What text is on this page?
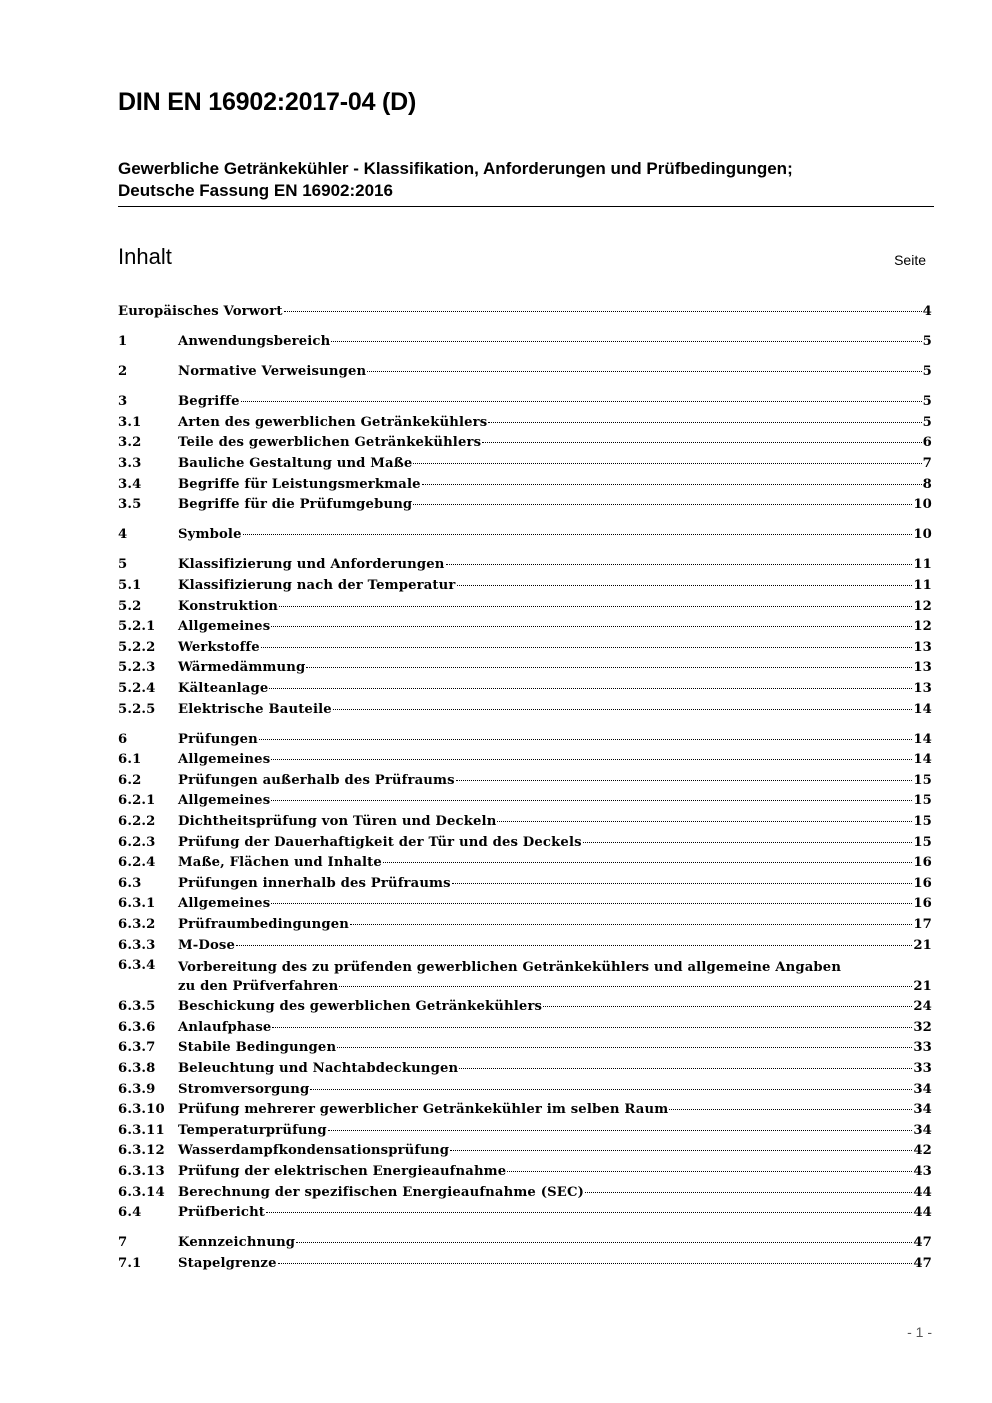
DIN EN 16902:2017-04 (D)
Gewerbliche Getränkekühler - Klassifikation, Anforderungen und Prüfbedingungen;
Deutsche Fassung EN 16902:2016
Inhalt	Seite
Europäisches Vorwort	4
1	Anwendungsbereich	5
2	Normative Verweisungen	5
3	Begriffe	5
3.1	Arten des gewerblichen Getränkekühlers	5
3.2	Teile des gewerblichen Getränkekühlers	6
3.3	Bauliche Gestaltung und Maße	7
3.4	Begriffe für Leistungsmerkmale	8
3.5	Begriffe für die Prüfumgebung	10
4	Symbole	10
5	Klassifizierung und Anforderungen	11
5.1	Klassifizierung nach der Temperatur	11
5.2	Konstruktion	12
5.2.1 Allgemeines	12
5.2.2 Werkstoffe	13
5.2.3 Wärmedämmung	13
5.2.4 Kälteanlage	13
5.2.5 Elektrische Bauteile	14
6	Prüfungen	14
6.1	Allgemeines	14
6.2	Prüfungen außerhalb des Prüfraums	15
6.2.1 Allgemeines	15
6.2.2 Dichtheitsprüfung von Türen und Deckeln	15
6.2.3 Prüfung der Dauerhaftigkeit der Tür und des Deckels	15
6.2.4 Maße, Flächen und Inhalte	16
6.3	Prüfungen innerhalb des Prüfraums	16
6.3.1 Allgemeines	16
6.3.2 Prüfraumbedingungen	17
6.3.3 M-Dose	21
6.3.4 Vorbereitung des zu prüfenden gewerblichen Getränkekühlers und allgemeine Angaben
zu den Prüfverfahren	21
6.3.5 Beschickung des gewerblichen Getränkekühlers	24
6.3.6 Anlaufphase	32
6.3.7 Stabile Bedingungen	33
6.3.8 Beleuchtung und Nachtabdeckungen	33
6.3.9 Stromversorgung	34
6.3.10 Prüfung mehrerer gewerblicher Getränkekühler im selben Raum	34
6.3.11 Temperaturprüfung	34
6.3.12 Wasserdampfkondensationsprüfung	42
6.3.13 Prüfung der elektrischen Energieaufnahme	43
6.3.14 Berechnung der spezifischen Energieaufnahme (SEC)	44
6.4	Prüfbericht	44
7	Kennzeichnung	47
7.1	Stapelgrenze	47
- 1 -
